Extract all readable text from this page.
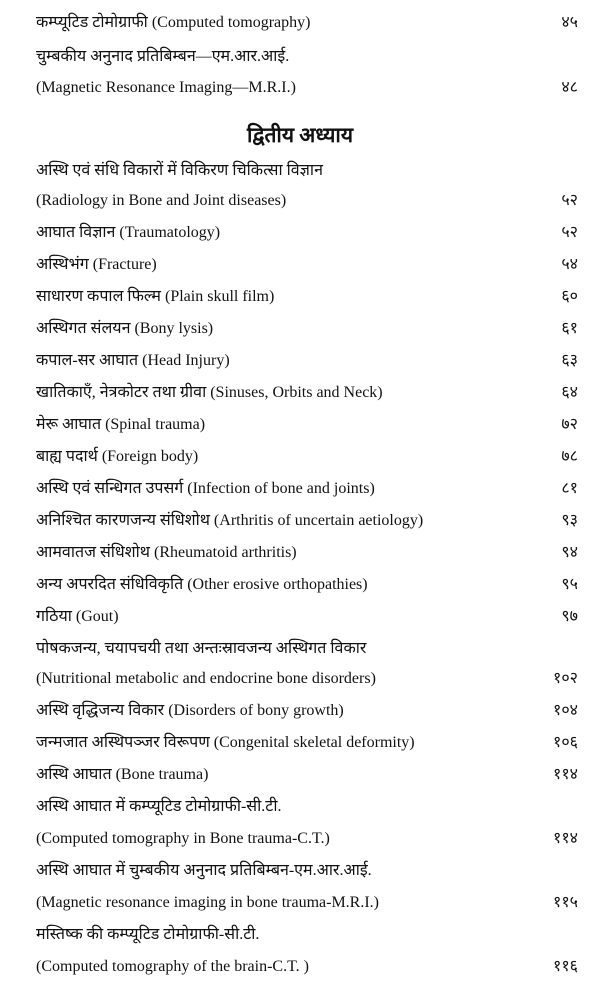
द्वितीय अध्याय
कम्प्यूटिड टोमोग्राफी (Computed tomography)	४५
चुम्बकीय अनुनाद प्रतिबिम्बन—एम.आर.आई.
(Magnetic Resonance Imaging—M.R.I.)	४८
अस्थि एवं संधि विकारों में विकिरण चिकित्सा विज्ञान
(Radiology in Bone and Joint diseases)	५२
आघात विज्ञान (Traumatology)	५२
अस्थिभंग (Fracture)	५४
साधारण कपाल फिल्म (Plain skull film)	६०
अस्थिगत संलयन (Bony lysis)	६१
कपाल-सर आघात (Head Injury)	६३
खातिकाएँ, नेत्रकोटर तथा ग्रीवा (Sinuses, Orbits and Neck)	६४
मेरू आघात (Spinal trauma)	७२
बाह्य पदार्थ (Foreign body)	७८
अस्थि एवं सन्धिगत उपसर्ग (Infection of bone and joints)	८१
अनिश्चित कारणजन्य संधिशोथ (Arthritis of uncertain aetiology)	९३
आमवातज संधिशोथ (Rheumatoid arthritis)	९४
अन्य अपरदित संधिविकृति (Other erosive orthopathies)	९५
गठिया (Gout)	९७
पोषकजन्य, चयापचयी तथा अन्तःस्रावजन्य अस्थिगत विकार
(Nutritional metabolic and endocrine bone disorders)	१०२
अस्थि वृद्धिजन्य विकार (Disorders of bony growth)	१०४
जन्मजात अस्थिपञ्जर विरूपण (Congenital skeletal deformity)	१०६
अस्थि आघात (Bone trauma)	११४
अस्थि आघात में कम्प्यूटिड टोमोग्राफी-सी.टी.
(Computed tomography in Bone trauma-C.T.)	११४
अस्थि आघात में चुम्बकीय अनुनाद प्रतिबिम्बन-एम.आर.आई.
(Magnetic resonance imaging in bone trauma-M.R.I.)	११५
मस्तिष्क की कम्प्यूटिड टोमोग्राफी-सी.टी.
(Computed tomography of the brain-C.T. )	११६
